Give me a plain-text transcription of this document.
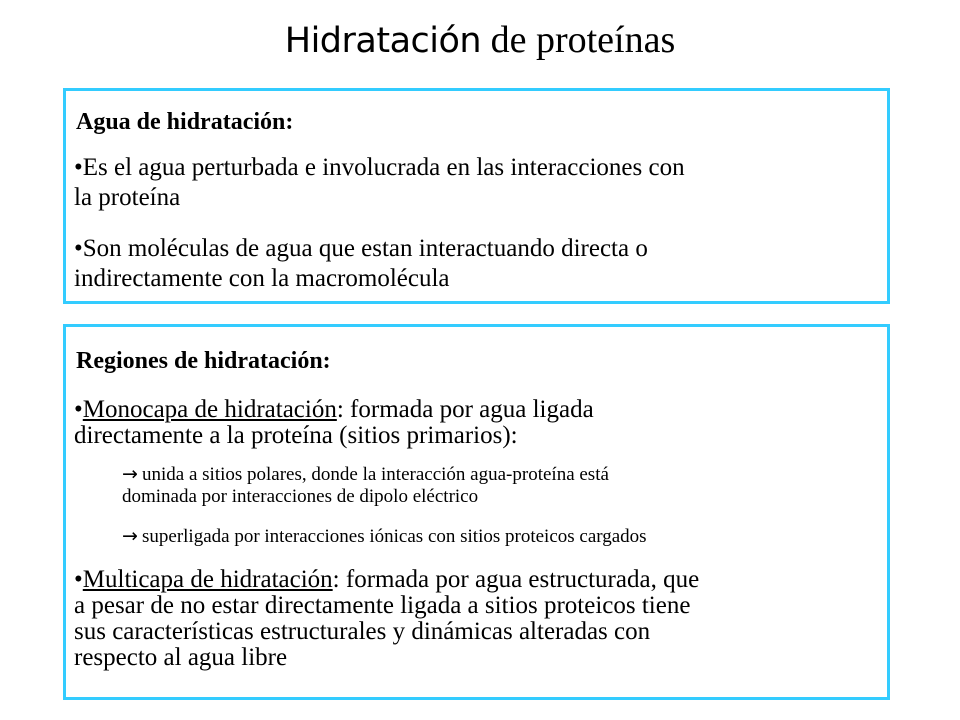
Hidratación de proteínas
Agua de hidratación:
•Es el agua perturbada e involucrada en las interacciones con
la proteína
•Son moléculas de agua que estan interactuando directa o
indirectamente con la macromolécula
Regiones de hidratación:
•Monocapa de hidratación: formada por agua ligada
directamente a la proteína (sitios primarios):
→ unida a sitios polares, donde la interacción agua-proteína está
dominada por interacciones de dipolo eléctrico
→ superligada por interacciones iónicas con sitios proteicos cargados
•Multicapa de hidratación: formada por agua estructurada, que
a pesar de no estar directamente ligada a sitios proteicos tiene
sus características estructurales y dinámicas alteradas con
respecto al agua libre
